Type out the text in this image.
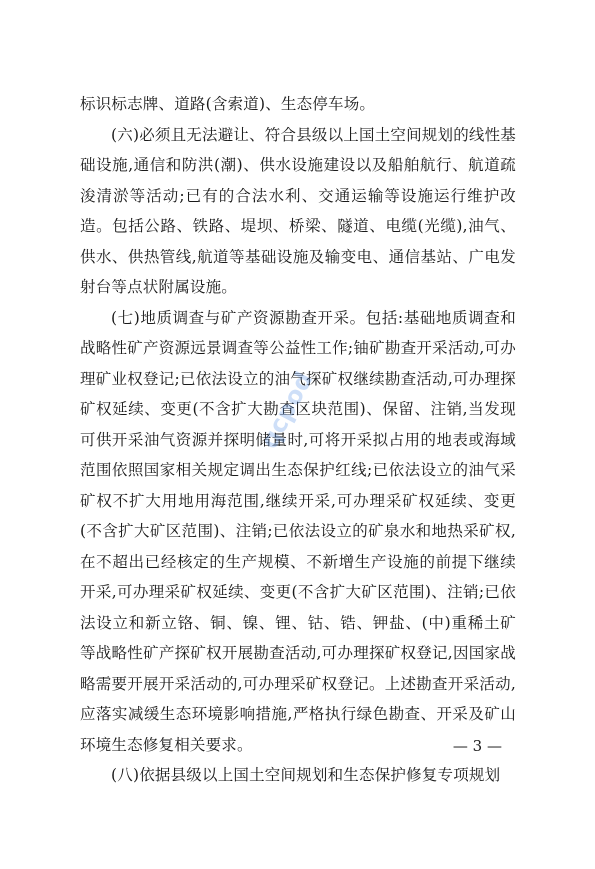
标识标志牌、道路(含索道)、生态停车场。

(六)必须且无法避让、符合县级以上国土空间规划的线性基础设施,通信和防洪(潮)、供水设施建设以及船舶航行、航道疏浚清淤等活动;已有的合法水利、交通运输等设施运行维护改造。包括公路、铁路、堤坝、桥梁、隧道、电缆(光缆),油气、供水、供热管线,航道等基础设施及输变电、通信基站、广电发射台等点状附属设施。

(七)地质调查与矿产资源勘查开采。包括:基础地质调查和战略性矿产资源远景调查等公益性工作;铀矿勘查开采活动,可办理矿业权登记;已依法设立的油气探矿权继续勘查活动,可办理探矿权延续、变更(不含扩大勘查区块范围)、保留、注销,当发现可供开采油气资源并探明储量时,可将开采拟占用的地表或海域范围依照国家相关规定调出生态保护红线;已依法设立的油气采矿权不扩大用地用海范围,继续开采,可办理采矿权延续、变更(不含扩大矿区范围)、注销;已依法设立的矿泉水和地热采矿权,在不超出已经核定的生产规模、不新增生产设施的前提下继续开采,可办理采矿权延续、变更(不含扩大矿区范围)、注销;已依法设立和新立铬、铜、镍、锂、钴、锆、钾盐、(中)重稀土矿等战略性矿产探矿权开展勘查活动,可办理探矿权登记,因国家战略需要开展开采活动的,可办理采矿权登记。上述勘查开采活动,应落实减缓生态环境影响措施,严格执行绿色勘查、开采及矿山环境生态修复相关要求。

(八)依据县级以上国土空间规划和生态保护修复专项规划

qcpod
— 3 —
